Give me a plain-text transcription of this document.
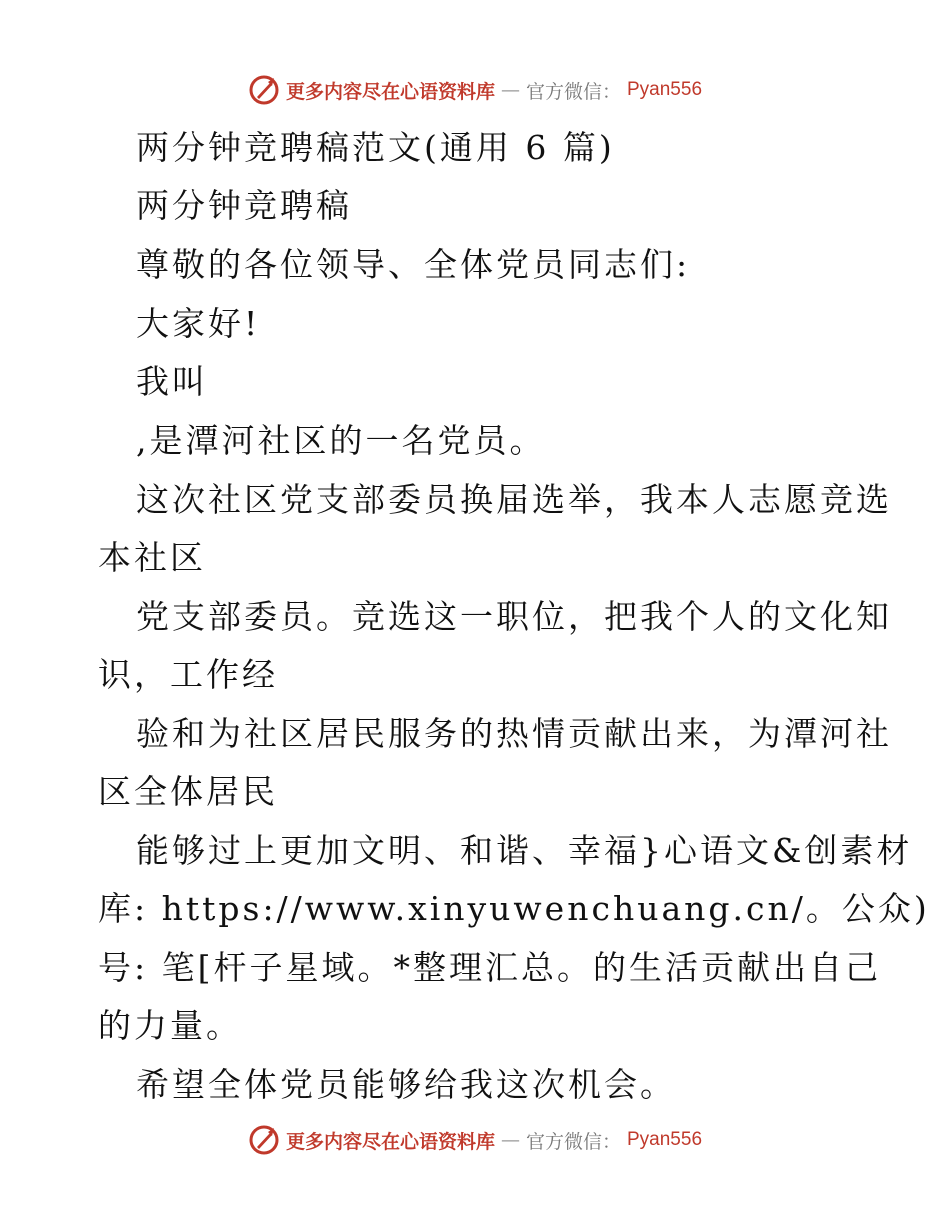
更多内容尽在心语资料库 — 官方微信： Pyan556
两分钟竞聘稿范文(通用 6 篇)
两分钟竞聘稿
尊敬的各位领导、全体党员同志们:
大家好!
我叫
,是潭河社区的一名党员。
这次社区党支部委员换届选举，我本人志愿竞选
本社区
党支部委员。竞选这一职位，把我个人的文化知
识，工作经
验和为社区居民服务的热情贡献出来，为潭河社
区全体居民
能够过上更加文明、和谐、幸福}心语文&创素材
库: https://www.xinyuwenchuang.cn/。公众)
号: 笔[杆子星域。*整理汇总。的生活贡献出自己
的力量。
希望全体党员能够给我这次机会。
更多内容尽在心语资料库 — 官方微信： Pyan556
